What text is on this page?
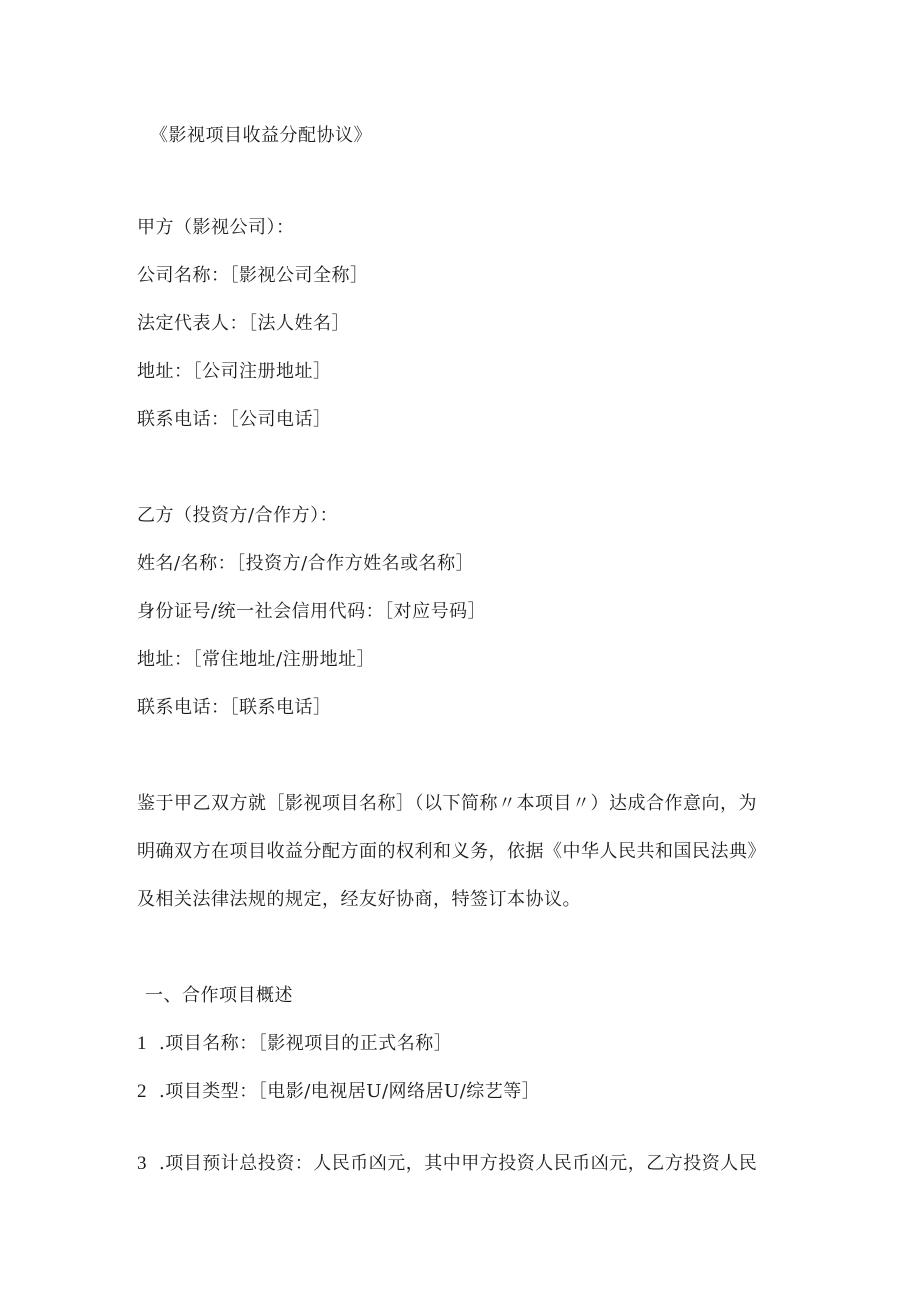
《影视项目收益分配协议》
甲方（影视公司）：
公司名称：［影视公司全称］
法定代表人：［法人姓名］
地址：［公司注册地址］
联系电话：［公司电话］
乙方（投资方/合作方）：
姓名/名称：［投资方/合作方姓名或名称］
身份证号/统一社会信用代码：［对应号码］
地址：［常住地址/注册地址］
联系电话：［联系电话］
鉴于甲乙双方就［影视项目名称］（以下简称〃本项目〃）达成合作意向，为
明确双方在项目收益分配方面的权利和义务，依据《中华人民共和国民法典》
及相关法律法规的规定，经友好协商，特签订本协议。
一、合作项目概述
1 .项目名称：［影视项目的正式名称］
2 .项目类型：［电影/电视居U/网络居U/综艺等］
3 .项目预计总投资：人民币凶元，其中甲方投资人民币凶元，乙方投资人民
